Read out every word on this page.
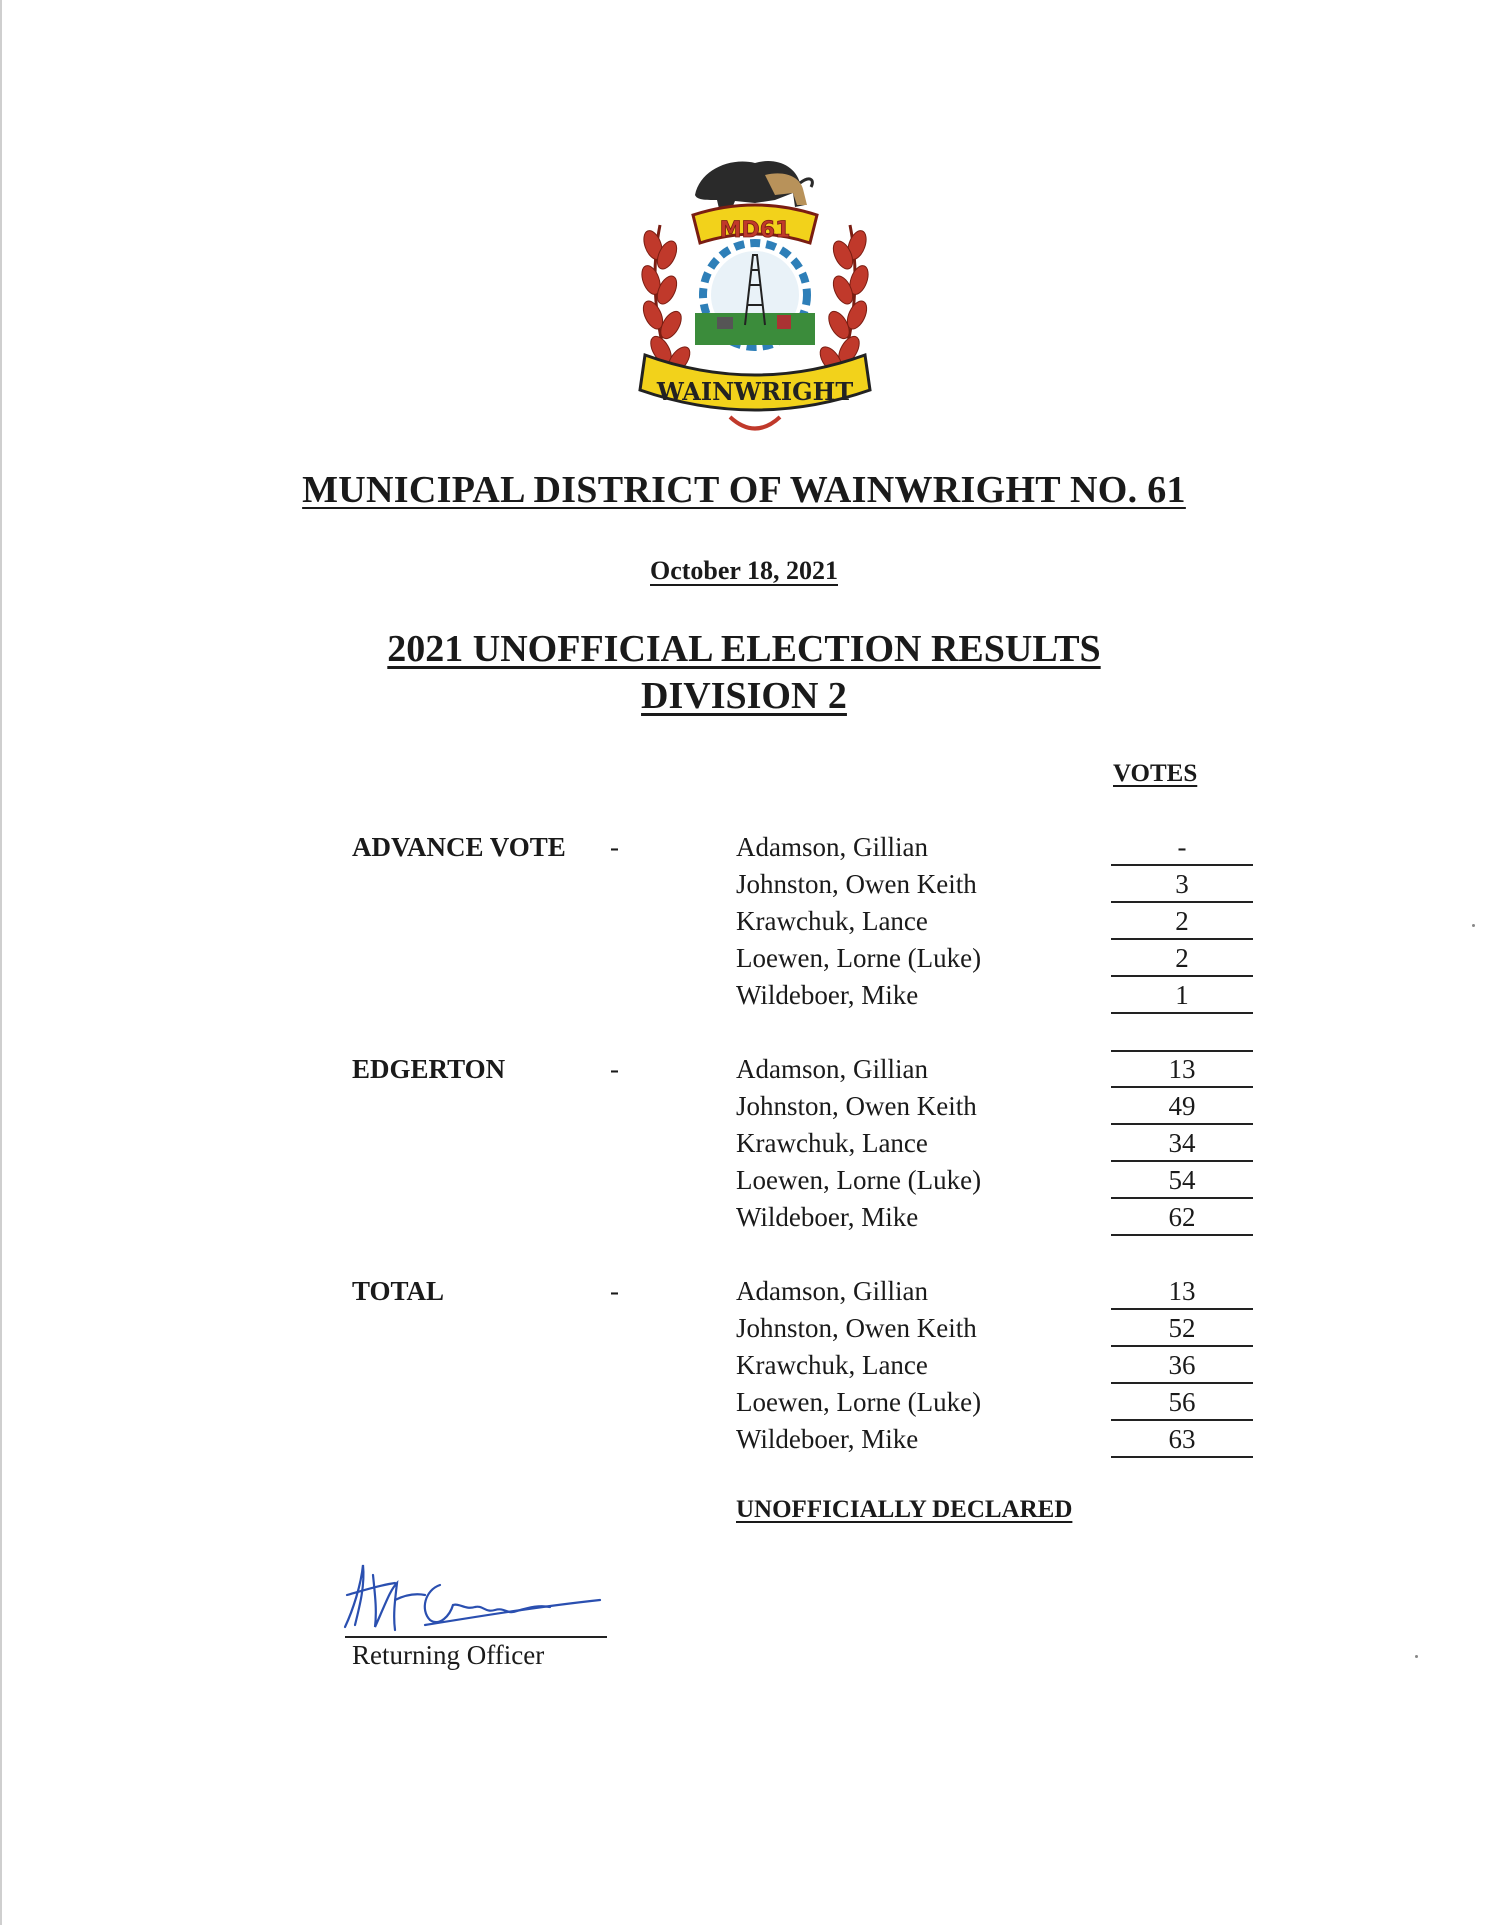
MD61
WAINWRIGHT
MUNICIPAL DISTRICT OF WAINWRIGHT NO. 61
October 18, 2021
2021 UNOFFICIAL ELECTION RESULTS
DIVISION 2
VOTES
ADVANCE VOTE -	Adamson, Gillian	-
Johnston, Owen Keith	3
Krawchuk, Lance	2
Loewen, Lorne (Luke)	2
Wildeboer, Mike	1
EDGERTON	-	Adamson, Gillian	13
Johnston, Owen Keith	49
Krawchuk, Lance	34
Loewen, Lorne (Luke)	54
Wildeboer, Mike	62
TOTAL	-	Adamson, Gillian	13
Johnston, Owen Keith	52
Krawchuk, Lance	36
Loewen, Lorne (Luke)	56
Wildeboer, Mike	63
UNOFFICIALLY DECLARED
Returning Officer
